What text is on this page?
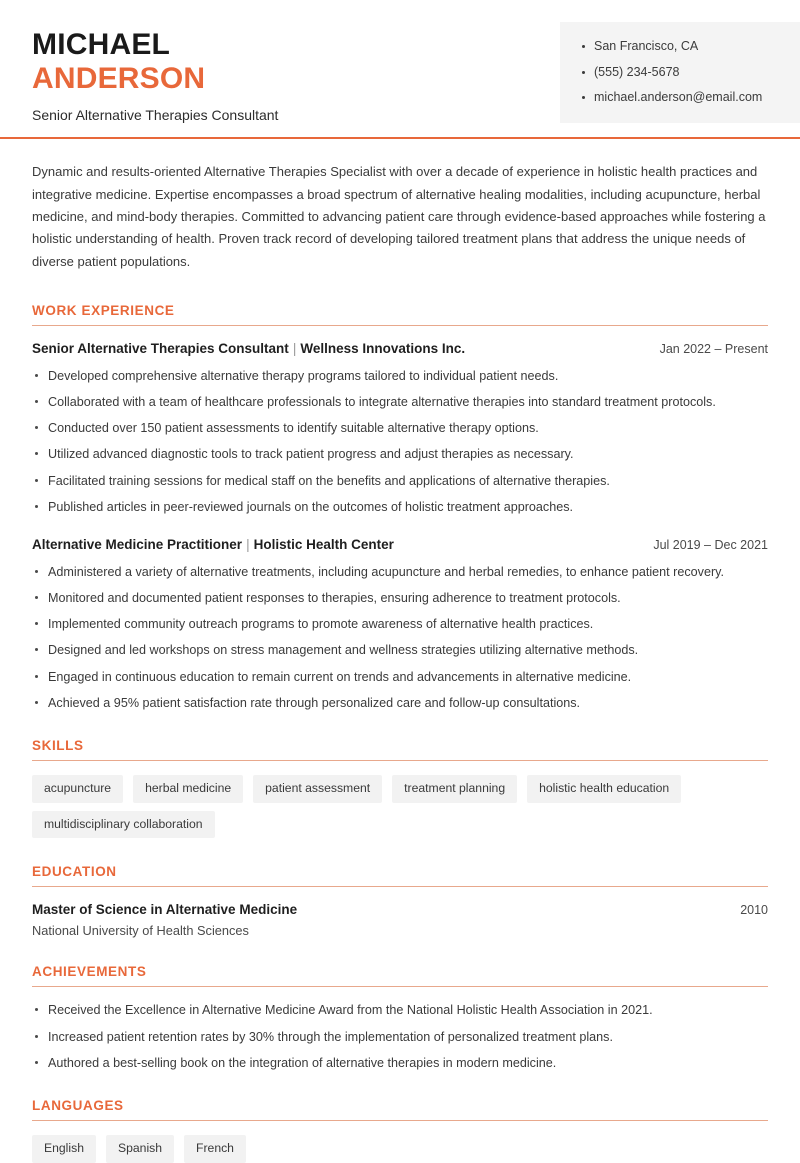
MICHAEL
ANDERSON
Senior Alternative Therapies Consultant
San Francisco, CA
(555) 234-5678
michael.anderson@email.com

Dynamic and results-oriented Alternative Therapies Specialist with over a decade of experience in holistic health practices and integrative medicine. Expertise encompasses a broad spectrum of alternative healing modalities, including acupuncture, herbal medicine, and mind-body therapies. Committed to advancing patient care through evidence-based approaches while fostering a holistic understanding of health. Proven track record of developing tailored treatment plans that address the unique needs of diverse patient populations.

WORK EXPERIENCE
Senior Alternative Therapies Consultant | Wellness Innovations Inc.	Jan 2022 – Present
Developed comprehensive alternative therapy programs tailored to individual patient needs.
Collaborated with a team of healthcare professionals to integrate alternative therapies into standard treatment protocols.
Conducted over 150 patient assessments to identify suitable alternative therapy options.
Utilized advanced diagnostic tools to track patient progress and adjust therapies as necessary.
Facilitated training sessions for medical staff on the benefits and applications of alternative therapies.
Published articles in peer-reviewed journals on the outcomes of holistic treatment approaches.
Alternative Medicine Practitioner | Holistic Health Center	Jul 2019 – Dec 2021
Administered a variety of alternative treatments, including acupuncture and herbal remedies, to enhance patient recovery.
Monitored and documented patient responses to therapies, ensuring adherence to treatment protocols.
Implemented community outreach programs to promote awareness of alternative health practices.
Designed and led workshops on stress management and wellness strategies utilizing alternative methods.
Engaged in continuous education to remain current on trends and advancements in alternative medicine.
Achieved a 95% patient satisfaction rate through personalized care and follow-up consultations.
SKILLS
acupuncture	herbal medicine	patient assessment	treatment planning	holistic health education
multidisciplinary collaboration
EDUCATION
Master of Science in Alternative Medicine	2010
National University of Health Sciences
ACHIEVEMENTS
Received the Excellence in Alternative Medicine Award from the National Holistic Health Association in 2021.
Increased patient retention rates by 30% through the implementation of personalized treatment plans.
Authored a best-selling book on the integration of alternative therapies in modern medicine.
LANGUAGES
English	Spanish	French
